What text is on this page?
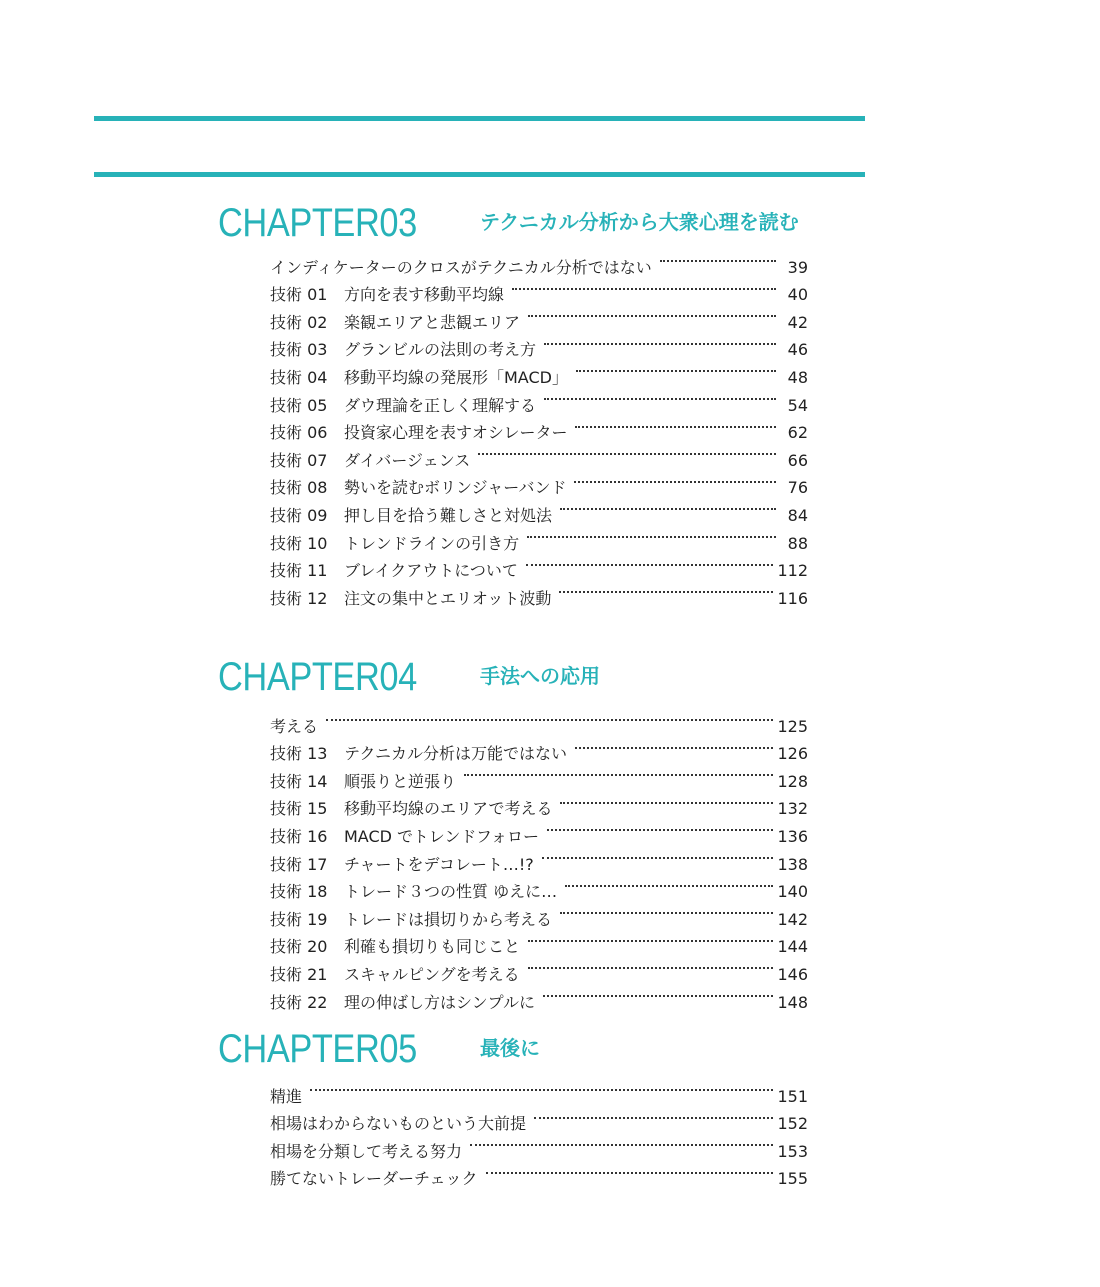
CHAPTER03	テクニカル分析から大衆心理を読む
インディケーターのクロスがテクニカル分析ではない	39
技術 01 方向を表す移動平均線	40
技術 02 楽観エリアと悲観エリア	42
技術 03 グランビルの法則の考え方	46
技術 04 移動平均線の発展形「MACD」	48
技術 05 ダウ理論を正しく理解する	54
技術 06 投資家心理を表すオシレーター	62
技術 07 ダイバージェンス	66
技術 08 勢いを読むボリンジャーバンド	76
技術 09 押し目を拾う難しさと対処法	84
技術 10 トレンドラインの引き方	88
技術 11 ブレイクアウトについて	112
技術 12 注文の集中とエリオット波動	116
CHAPTER04	手法への応用
考える	125
技術 13 テクニカル分析は万能ではない	126
技術 14 順張りと逆張り	128
技術 15 移動平均線のエリアで考える	132
技術 16 MACD でトレンドフォロー	136
技術 17 チャートをデコレート…!?	138
技術 18 トレード３つの性質 ゆえに…	140
技術 19 トレードは損切りから考える	142
技術 20 利確も損切りも同じこと	144
技術 21 スキャルピングを考える	146
技術 22 理の伸ばし方はシンプルに	148
CHAPTER05	最後に
精進	151
相場はわからないものという大前提	152
相場を分類して考える努力	153
勝てないトレーダーチェック	155
